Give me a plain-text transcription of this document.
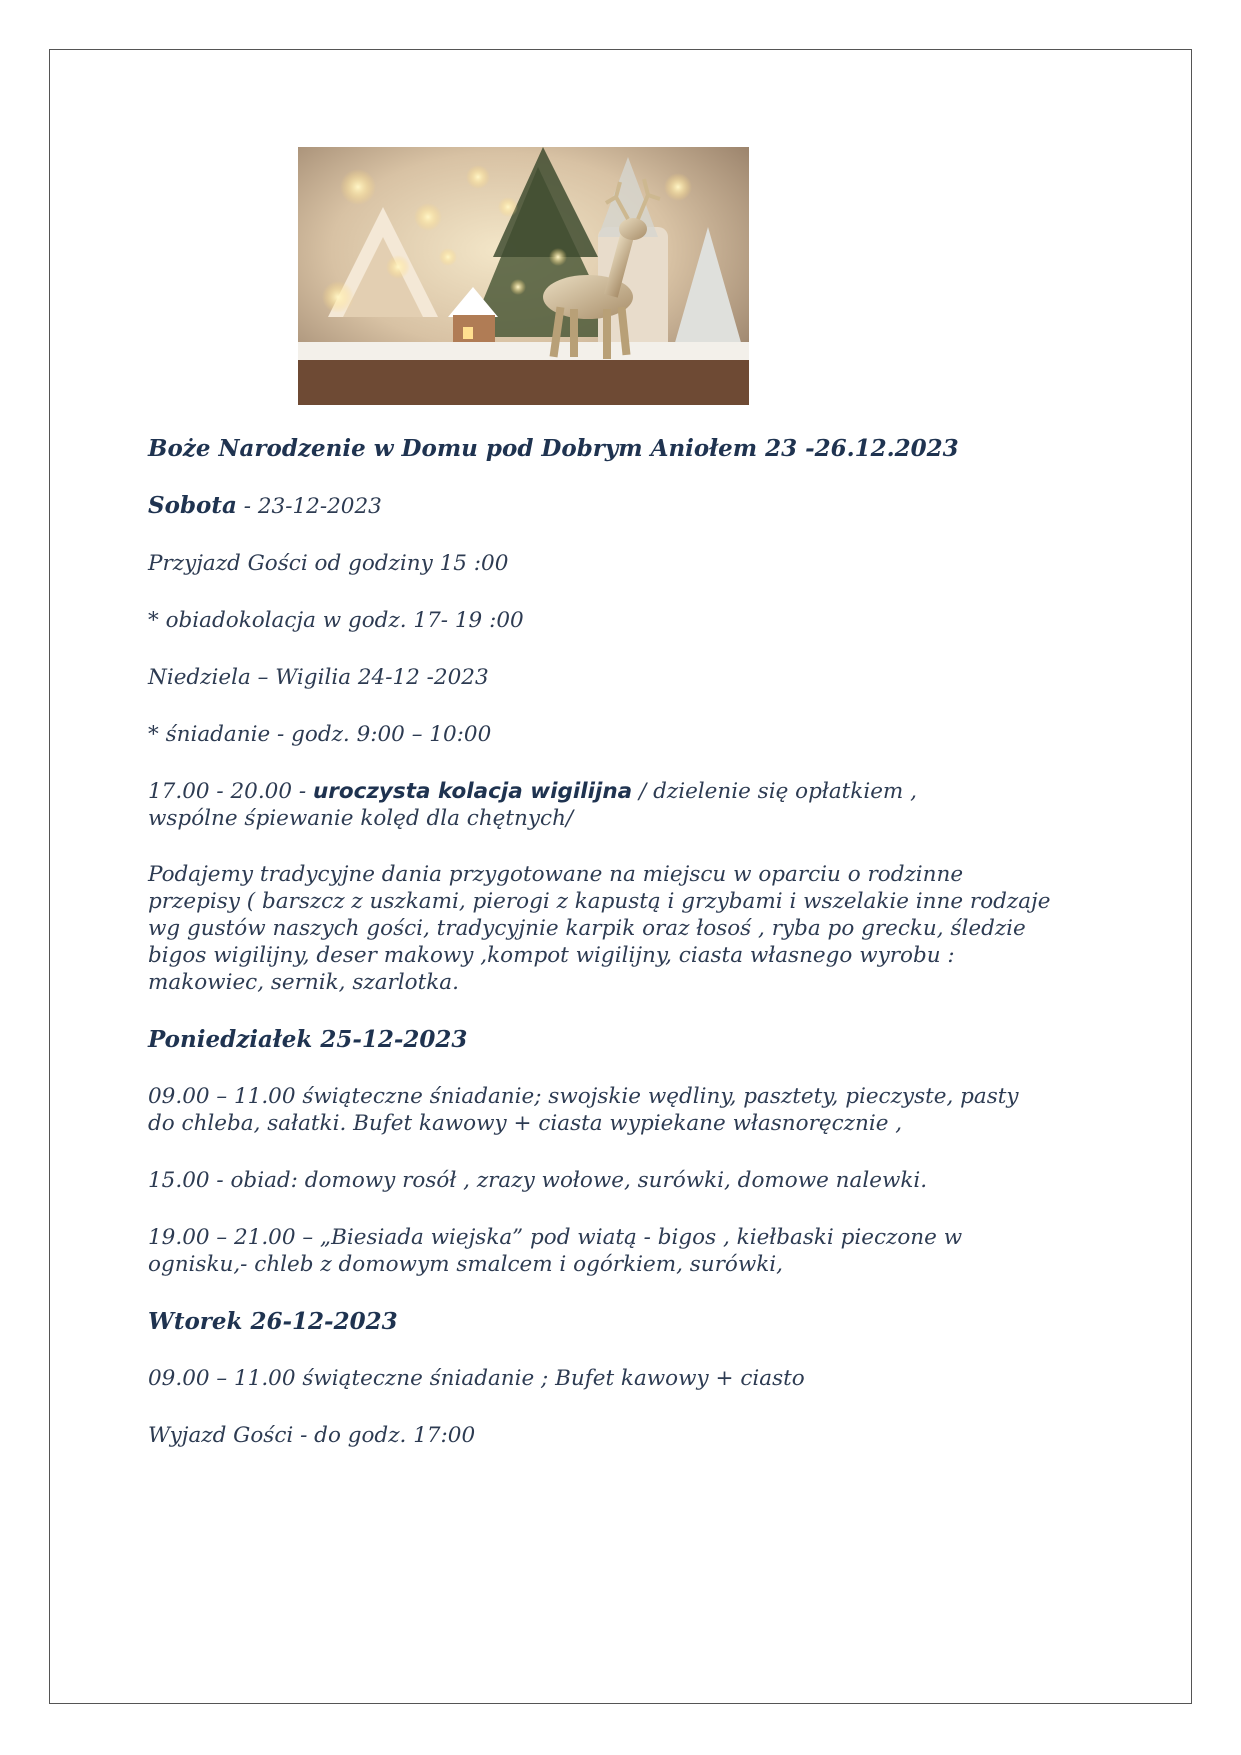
Boże Narodzenie w Domu pod Dobrym Aniołem 23 -26.12.2023

Sobota - 23-12-2023

Przyjazd Gości od godziny 15 :00

* obiadokolacja w godz. 17- 19 :00

Niedziela – Wigilia 24-12 -2023

* śniadanie - godz. 9:00 – 10:00

17.00 - 20.00 - uroczysta kolacja wigilijna / dzielenie się opłatkiem ,

wspólne śpiewanie kolęd dla chętnych/

Podajemy tradycyjne dania przygotowane na miejscu w oparciu o rodzinne

przepisy ( barszcz z uszkami, pierogi z kapustą i grzybami i wszelakie inne rodzaje

wg gustów naszych gości, tradycyjnie karpik oraz łosoś , ryba po grecku, śledzie

bigos wigilijny, deser makowy ,kompot wigilijny, ciasta własnego wyrobu :

makowiec, sernik, szarlotka.

Poniedziałek 25-12-2023

09.00 – 11.00 świąteczne śniadanie; swojskie wędliny, pasztety, pieczyste, pasty

do chleba, sałatki. Bufet kawowy + ciasta wypiekane własnoręcznie ,

15.00 - obiad: domowy rosół , zrazy wołowe, surówki, domowe nalewki.

19.00 – 21.00 – „Biesiada wiejska” pod wiatą - bigos , kiełbaski pieczone w

ognisku,- chleb z domowym smalcem i ogórkiem, surówki,

Wtorek 26-12-2023

09.00 – 11.00 świąteczne śniadanie ; Bufet kawowy + ciasto

Wyjazd Gości - do godz. 17:00
